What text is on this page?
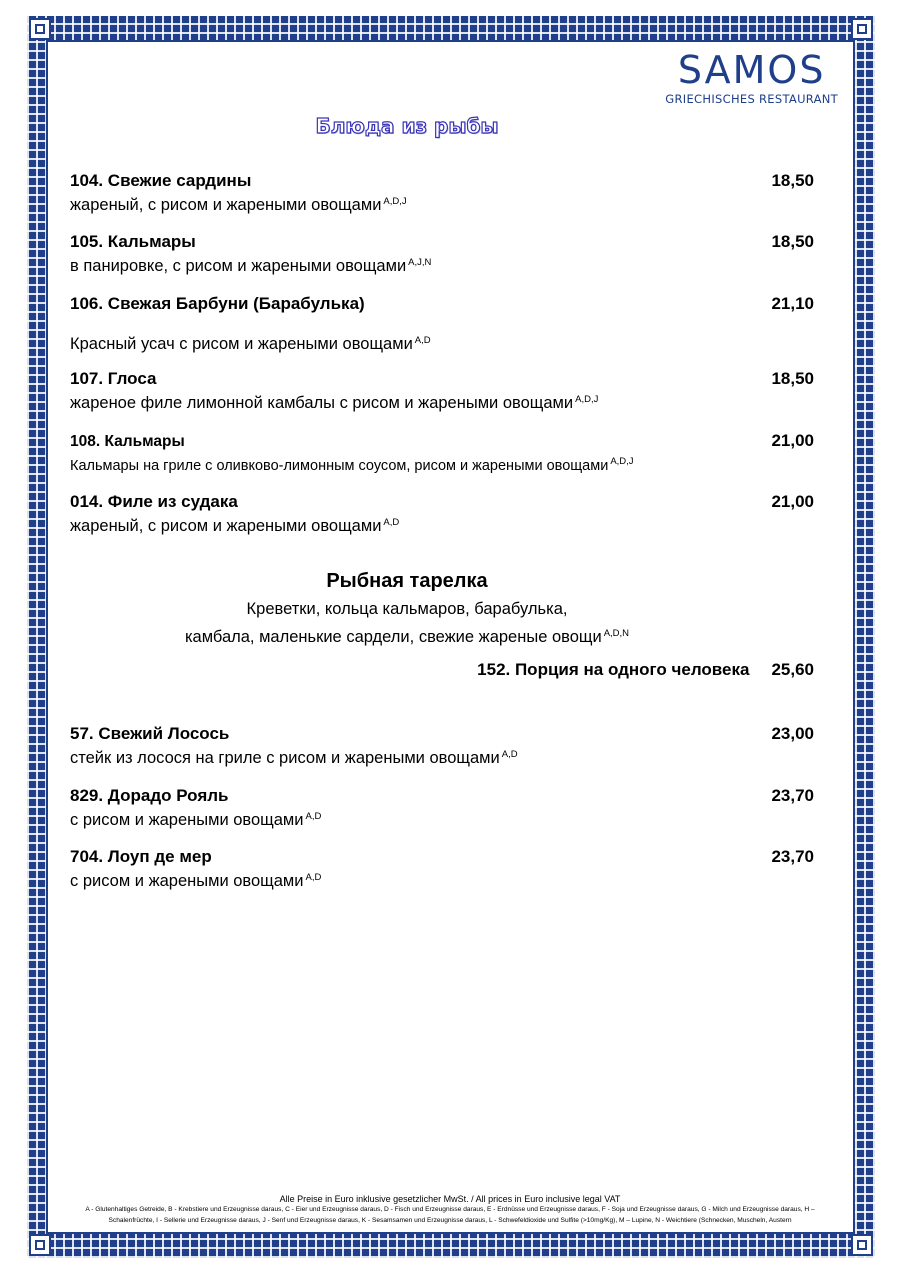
SAMOS
GRIECHISCHES RESTAURANT
Блюда из рыбы
104. Свежие сардины	18,50
жареный, с рисом и жареными овощами $^{A,D,J}$
105. Кальмары	18,50
в панировке, с рисом и жареными овощами $^{A,J,N}$
106. Свежая Барбуни (Барабулька)	21,10
Красный усач с рисом и жареными овощами $^{A,D}$
107. Глоса	18,50
жареное филе лимонной камбалы с рисом и жареными овощами $^{A,D,J}$
108. Кальмары	21,00
Кальмары на гриле с оливково-лимонным соусом, рисом и жареными овощами $^{A,D,J}$
014. Филе из судака	21,00
жареный, с рисом и жареными овощами $^{A,D}$
Рыбная тарелка
Креветки, кольца кальмаров, барабулька,
камбала, маленькие сардели, свежие жареные овощи $^{A,D,N}$
152. Порция на одного человека 25,60
57. Свежий Лосось	23,00
стейк из лосося на гриле с рисом и жареными овощами $^{A,D}$
829. Дорадо Рояль	23,70
с рисом и жареными овощами $^{A,D}$
704. Лоуп де мер	23,70
с рисом и жареными овощами $^{A,D}$
Alle Preise in Euro inklusive gesetzlicher MwSt. / All prices in Euro inclusive legal VAT
A - Glutenhaltiges Getreide, B - Krebstiere und Erzeugnisse daraus, C - Eier und Erzeugnisse daraus, D - Fisch und Erzeugnisse daraus, E - Erdnüsse und Erzeugnisse daraus, F - Soja und Erzeugnisse daraus, G - Milch und Erzeugnisse daraus, H –
Schalenfrüchte, I - Sellerie und Erzeugnisse daraus, J - Senf und Erzeugnisse daraus, K - Sesamsamen und Erzeugnisse daraus, L - Schwefeldioxide und Sulfite (>10mg/Kg), M – Lupine, N - Weichtiere (Schnecken, Muscheln, Austern
